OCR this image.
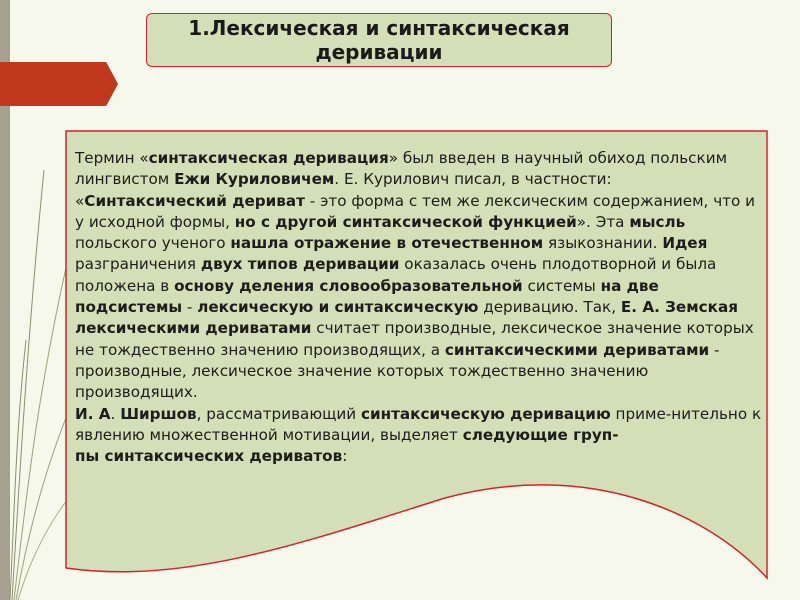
1.Лексическая и синтаксическая
деривации

Термин «синтаксическая деривация» был введен в научный обиход польским лингвистом Ежи Куриловичем. Е. Курилович писал, в частности: «Синтаксический дериват - это форма с тем же лексическим содержанием, что и у исходной формы, но с другой синтаксической функцией». Эта мысль польского ученого нашла отражение в отечественном языкознании. Идея разграничения двух типов деривации оказалась очень плодотворной и была положена в основу деления словообразовательной системы на две подсистемы - лексическую и синтаксическую деривацию. Так, Е. А. Земская лексическими дериватами считает производные, лексическое значение которых не тождественно значению производящих, а синтаксическими дериватами - производные, лексическое значение которых тождественно значению производящих.

И. А. Ширшов, рассматривающий синтаксическую деривацию приме-нительно к явлению множественной мотивации, выделяет следующие груп-

пы синтаксических дериватов:
